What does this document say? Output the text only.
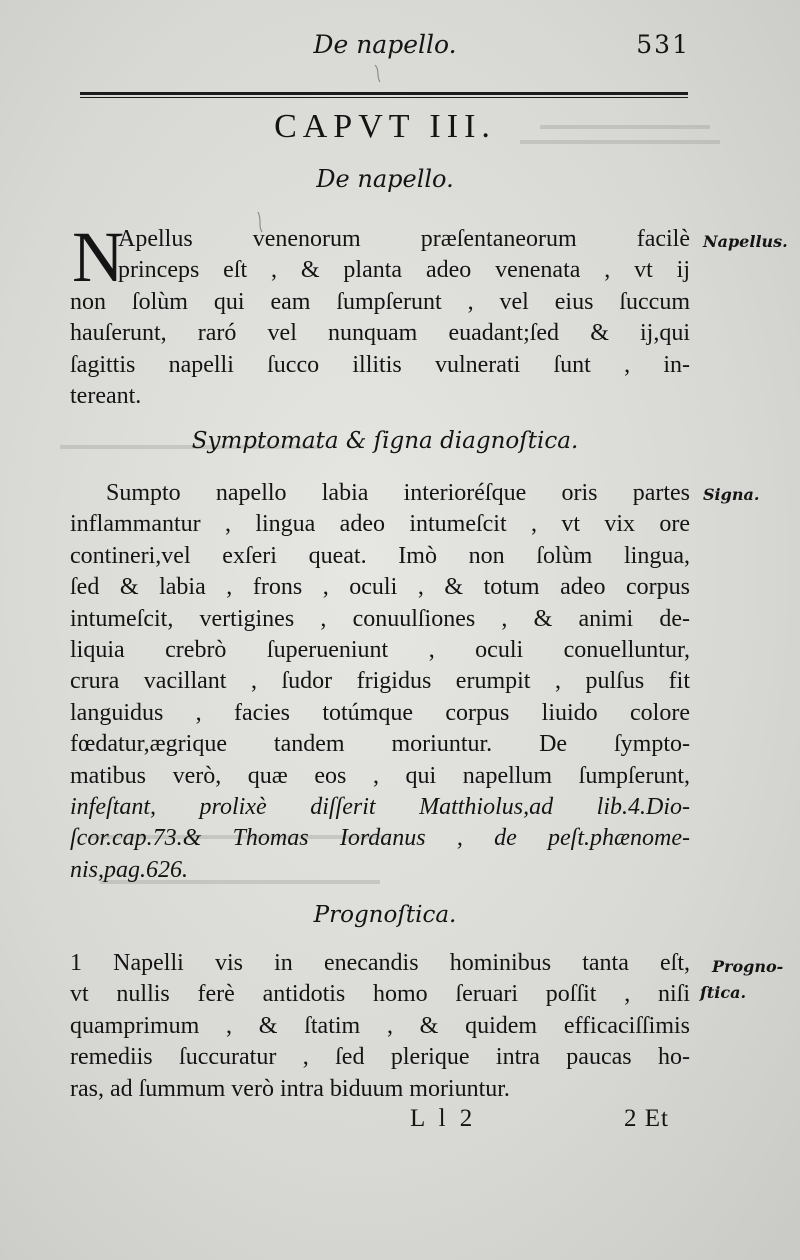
De napello.	531
CAPVT III.
De napello.
N	Napellus.
Apellus venenorum præſentaneorum facilè
princeps eſt , & planta adeo venenata , vt ij
non ſolùm qui eam ſumpſerunt , vel eius ſuccum
hauſerunt, raró vel nunquam euadant;ſed & ij,qui
ſagittis napelli ſucco illitis vulnerati ſunt , in-
tereant.
Symptomata & ſigna diagnoſtica.
Signa.
Sumpto napello labia interioréſque oris partes
inflammantur , lingua adeo intumeſcit , vt vix ore
contineri,vel exſeri queat. Imò non ſolùm lingua,
ſed & labia , frons , oculi , & totum adeo corpus
intumeſcit, vertigines , conuulſiones , & animi de-
liquia crebrò ſuperueniunt , oculi conuelluntur,
crura vacillant , ſudor frigidus erumpit , pulſus fit
languidus , facies totúmque corpus liuido colore
fœdatur,ægrique tandem moriuntur. De ſympto-
matibus verò, quæ eos , qui napellum ſumpſerunt,
infeſtant, prolixè diſſerit Matthiolus,ad lib.4.Dio-
ſcor.cap.73.& Thomas Iordanus , de peſt.phænome-
nis,pag.626.
Prognoſtica.
Progno-
ſtica.
1 Napelli vis in enecandis hominibus tanta eſt,
vt nullis ferè antidotis homo ſeruari poſſit , niſi
quamprimum , & ſtatim , & quidem efficaciſſimis
remediis ſuccuratur , ſed plerique intra paucas ho-
ras, ad ſummum verò intra biduum moriuntur.
L l 2	2 Et
